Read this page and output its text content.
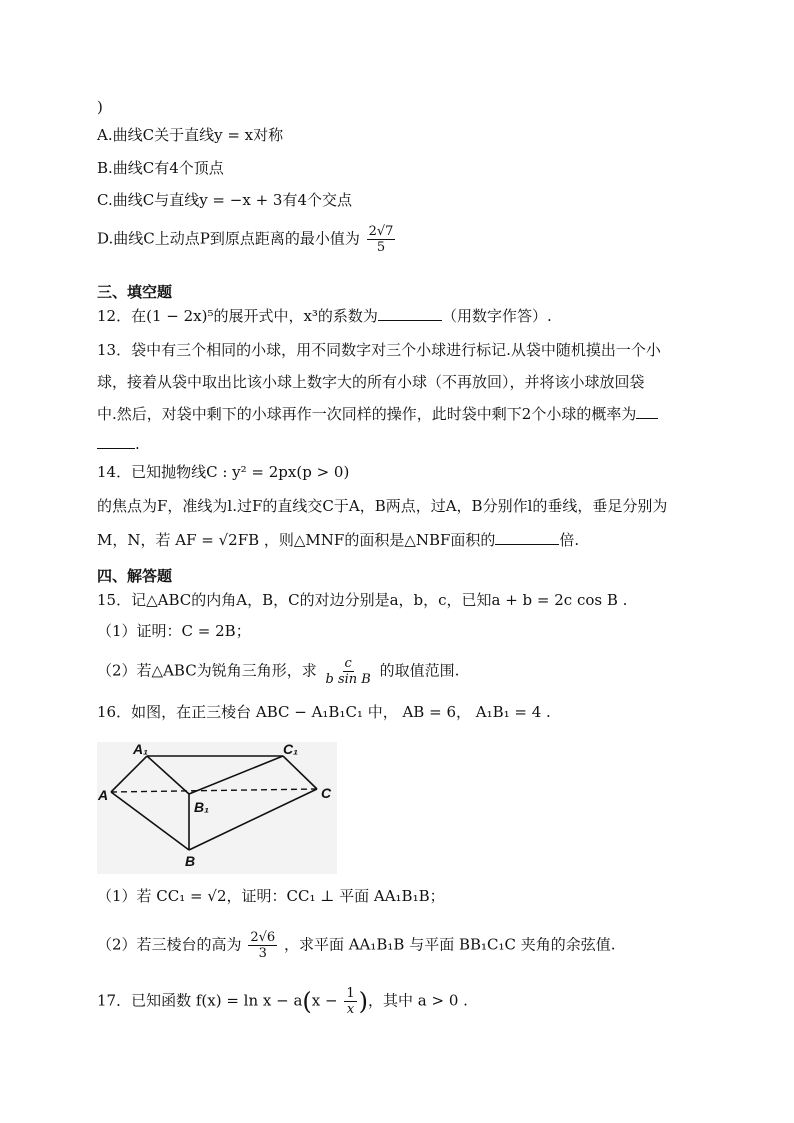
)
A.曲线C关于直线y = x对称
B.曲线C有4个顶点
C.曲线C与直线y = −x + 3有4个交点
D.曲线C上动点P到原点距离的最小值为 $\frac{2√7}{5}$
三、填空题
12．在(1 − 2x)⁵的展开式中，x³的系数为	（用数字作答）.
13．袋中有三个相同的小球，用不同数字对三个小球进行标记.从袋中随机摸出一个小
球，接着从袋中取出比该小球上数字大的所有小球（不再放回），并将该小球放回袋
中.然后，对袋中剩下的小球再作一次同样的操作，此时袋中剩下2个小球的概率为
.
14．已知抛物线C : y² = 2px(p > 0)
的焦点为F，准线为l.过F的直线交C于A，B两点，过A，B分别作l的垂线，垂足分别为
M，N，若 AF = √2FB ，则△MNF的面积是△NBF面积的	倍.
四、解答题
15．记△ABC的内角A，B，C的对边分别是a，b，c，已知a + b = 2c cos B .
（1）证明：C = 2B；
（2）若△ABC为锐角三角形，求 $\frac{c}{\text{b sin B}}$ 的取值范围.
16．如图，在正三棱台 ABC − A₁B₁C₁ 中， AB = 6， A₁B₁ = 4 .
A₁	C₁
A	C
B₁
B
（1）若 CC₁ = √2，证明：CC₁ ⊥ 平面 AA₁B₁B；
（2）若三棱台的高为 $\frac{2√6}{3}$ ，求平面 AA₁B₁B 与平面 BB₁C₁C 夹角的余弦值.
17．已知函数 $f(x) = \ln x - a(x - \frac{1}{x}$ )，其中 a > 0 .
